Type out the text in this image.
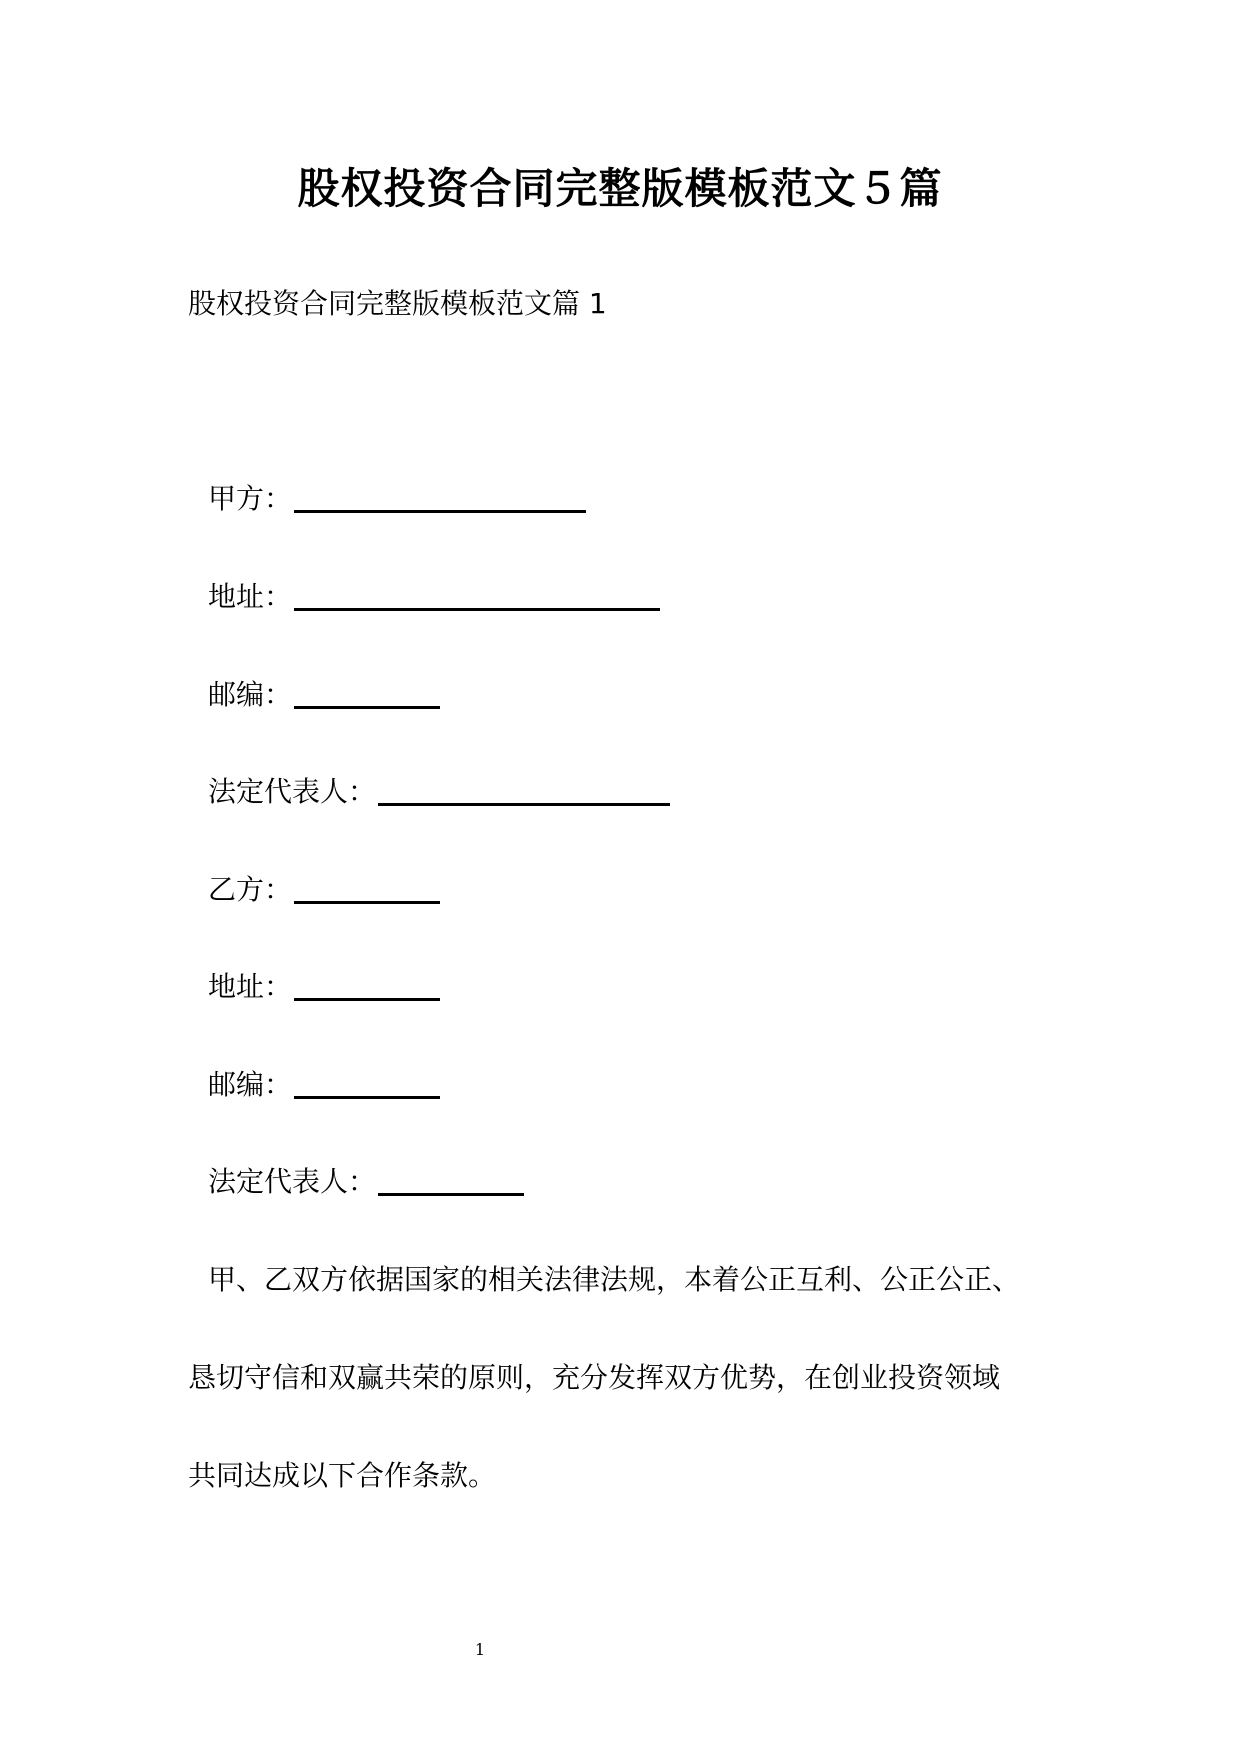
股权投资合同完整版模板范文５篇
股权投资合同完整版模板范文篇 1
甲方：
地址：
邮编：
法定代表人：
乙方：
地址：
邮编：
法定代表人：
甲、乙双方依据国家的相关法律法规，本着公正互利、公正公正、
恳切守信和双赢共荣的原则，充分发挥双方优势，在创业投资领域
共同达成以下合作条款。
1
